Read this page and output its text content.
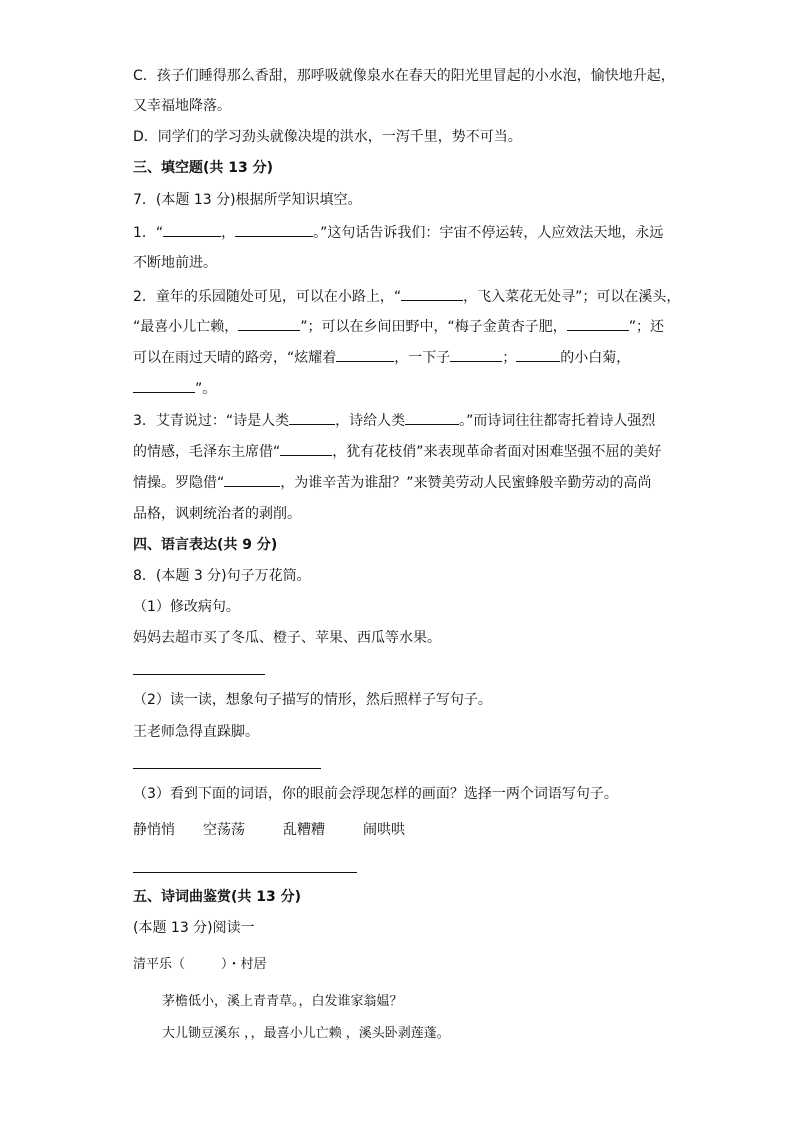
C．孩子们睡得那么香甜，那呼吸就像泉水在春天的阳光里冒起的小水泡，愉快地升起，
又幸福地降落。
D．同学们的学习劲头就像决堤的洪水，一泻千里，势不可当。
三、填空题(共 13 分)
7．(本题 13 分)根据所学知识填空。
1．“	，	。”这句话告诉我们：宇宙不停运转，人应效法天地，永远
不断地前进。
2．童年的乐园随处可见，可以在小路上，“	，飞入菜花无处寻”；可以在溪头，
“最喜小儿亡赖，	”；可以在乡间田野中，“梅子金黄杏子肥，	”；还
可以在雨过天晴的路旁，“炫耀着	，一下子	；	的小白菊，
”。
3．艾青说过：“诗是人类	，诗给人类	。”而诗词往往都寄托着诗人强烈
的情感，毛泽东主席借“	，犹有花枝俏”来表现革命者面对困难坚强不屈的美好
情操。罗隐借“	，为谁辛苦为谁甜？”来赞美劳动人民蜜蜂般辛勤劳动的高尚
品格，讽刺统治者的剥削。
四、语言表达(共 9 分)
8．(本题 3 分)句子万花筒。
（1）修改病句。
妈妈去超市买了冬瓜、橙子、苹果、西瓜等水果。
（2）读一读，想象句子描写的情形，然后照样子写句子。
王老师急得直跺脚。
（3）看到下面的词语，你的眼前会浮现怎样的画面？选择一两个词语写句子。
静悄悄 空荡荡	乱糟糟	闹哄哄
五、诗词曲鉴赏(共 13 分)
(本题 13 分)阅读一
清平乐（	）・村居
茅檐低小，溪上青青草。，白发谁家翁媪？
大儿锄豆溪东 ，，最喜小儿亡赖 ，溪头卧剥莲蓬。
